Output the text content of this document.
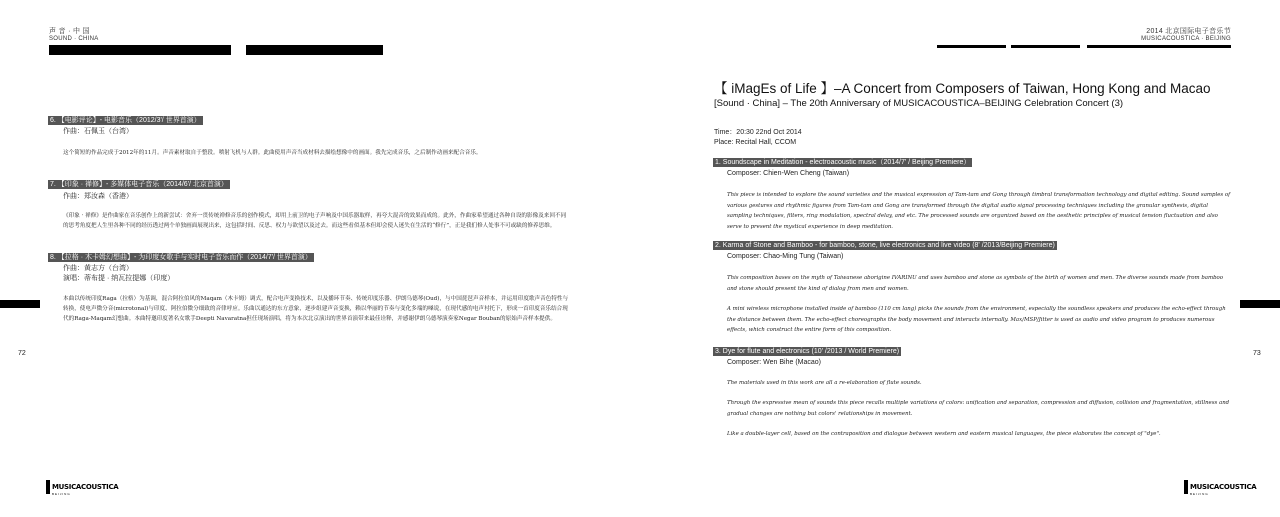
声 音 · 中 国
SOUND · CHINA
6. 【电影评论】- 电影音乐（2012/3'/ 世界首演）
作曲：石佩玉（台湾）
这个简短的作品完成于2012年的11月。声音素材取自于整段。喷射飞机与人群。此曲使用声音当成材料去描绘想像中的画面。我先完成音乐，之后制作动画来配合音乐。
7. 【印象 · 禅修】- 多媒体电子音乐（2014/6'/ 北京首演）
作曲：郑汝森（香港）
《印象 · 禅修》是作曲家在音乐创作上的新尝试：舍弃一贯传统禅修音乐的创作模式，却用上前卫的电子声响及中国乐器取样，再夸大混音的效果而成的。此外，作曲家希望通过各种自设的影像及来回不同的思考角度把人生里各种不同的经历透过两个单独画面展现出来，这包括时间、反思、权力与欲望以及过去。而这些看似基本但却会使人迷失在生活的“修行”，正是我们修人处事不可或缺的修养思维。
8. 【拉格 · 木卡姆幻想曲】- 为印度女歌手与实时电子音乐而作（2014/7'/ 世界首演）
作曲：黄志方（台湾）
演唱：蒂布提 · 纳瓦拉提娜（印度）
本曲以传统印度Raga（拉格）为基调，混合阿拉伯风的Maqam（木卡姆）调式，配合电声变换技术，以及播环节奏、传统印度乐器、伊朗乌德琴(Oud)，与中国琵琶声音样本，并运用印度歌声音色特性与转换，使电声微分音(microtonal)与印度、阿拉伯微分细致的音律呼应。乐曲以通达的东方意象，逐步组建声音变换，赖以华丽的节奏与变化多端的嗓说，在现代感的电声衬托下，形成一首印度音乐结合现代的Raga-Maqam幻想曲。本曲特邀印度著名女歌手Deepti Navaratna担任现场演唱，将为本次北京演出的世界首演带来最佳诠释，并感谢伊朗乌德琴演奏家Negar Bouban的原始声音样本提供。
72
MUSICACOUSTICA
BEIJING
2014 北京国际电子音乐节
MUSICACOUSTICA · BEIJING
【 iMagEs of Life 】–A Concert from Composers of Taiwan, Hong Kong and Macao
[Sound · China] – The 20th Anniversary of MUSICACOUSTICA–BEIJING Celebration Concert (3)
Time：20:30 22nd Oct 2014
Place: Recital Hall, CCOM
1. Soundscape in Meditation - electroacoustic music（2014/7' / Beijing Premiere）
Composer: Chien-Wen Cheng (Taiwan)
This piece is intended to explore the sound varieties and the musical expression of Tam-tam and Gong through timbral transformation technology and digital editing. Sound samples of various gestures and rhythmic figures from Tam-tam and Gong are transformed through the digital audio signal processing techniques including the granular synthesis, digital sampling techniques, filters, ring modulation, spectral delay, and etc. The processed sounds are organized based on the aesthetic principles of musical tension fluctuation and also serve to present the mystical experience in deep meditation.
2. Karma of Stone and Bamboo - for bamboo, stone, live electronics and live video (8' /2013/Beijing Premiere)
Composer: Chao-Ming Tung (Taiwan)
This composition bases on the myth of Taiwanese aborigine IVARINU and uses bamboo and stone as symbols of the birth of women and men. The diverse sounds made from bamboo and stone should present the kind of dialog from men and women.
A mini wireless microphone installed inside of bamboo (110 cm lang) picks the sounds from the environment, especially the soundless speakers and produces the echo-effect through the distance between them. The echo-effect choreographs the body movement and interacts internally. Max/MSP/Jitter is used as audio and video program to produces numerous effects, which construct the entire form of this composition.
3. Dye for flute and electronics (10' /2013 / World Premiere)
Composer: Wen Bihe (Macao)
The materials used in this work are all a re-elaboration of flute sounds.
Through the expressive mean of sounds this piece recalls multiple variations of colors: unification and separation, compression and diffusion, collision and fragmentation, stillness and gradual changes are nothing but colors' relationships in movement.
Like a double-layer cell, based on the contraposition and dialogue between western and eastern musical languages, the piece elaborates the concept of "dye".
73
MUSICACOUSTICA
BEIJING
